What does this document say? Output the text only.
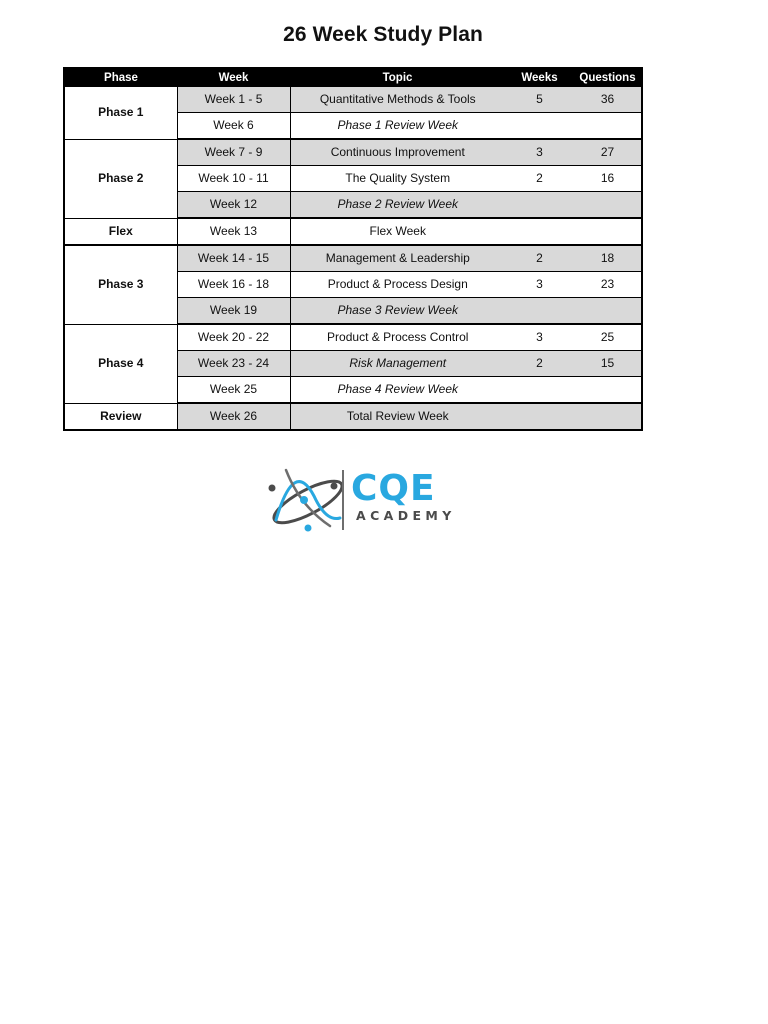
26 Week Study Plan
Phase	Week	Topic	Weeks	Questions
Phase 1	Week 1 - 5	Quantitative Methods & Tools	5	36
	Week 6	Phase 1 Review Week		
Phase 2	Week 7 - 9	Continuous Improvement	3	27
	Week 10 - 11	The Quality System	2	16
	Week 12	Phase 2 Review Week		
Flex	Week 13	Flex Week		
Phase 3	Week 14 - 15	Management & Leadership	2	18
	Week 16 - 18	Product & Process Design	3	23
	Week 19	Phase 3 Review Week		
Phase 4	Week 20 - 22	Product & Process Control	3	25
	Week 23 - 24	Risk Management	2	15
	Week 25	Phase 4 Review Week		
Review	Week 26	Total Review Week		
CQE
ACADEMY
